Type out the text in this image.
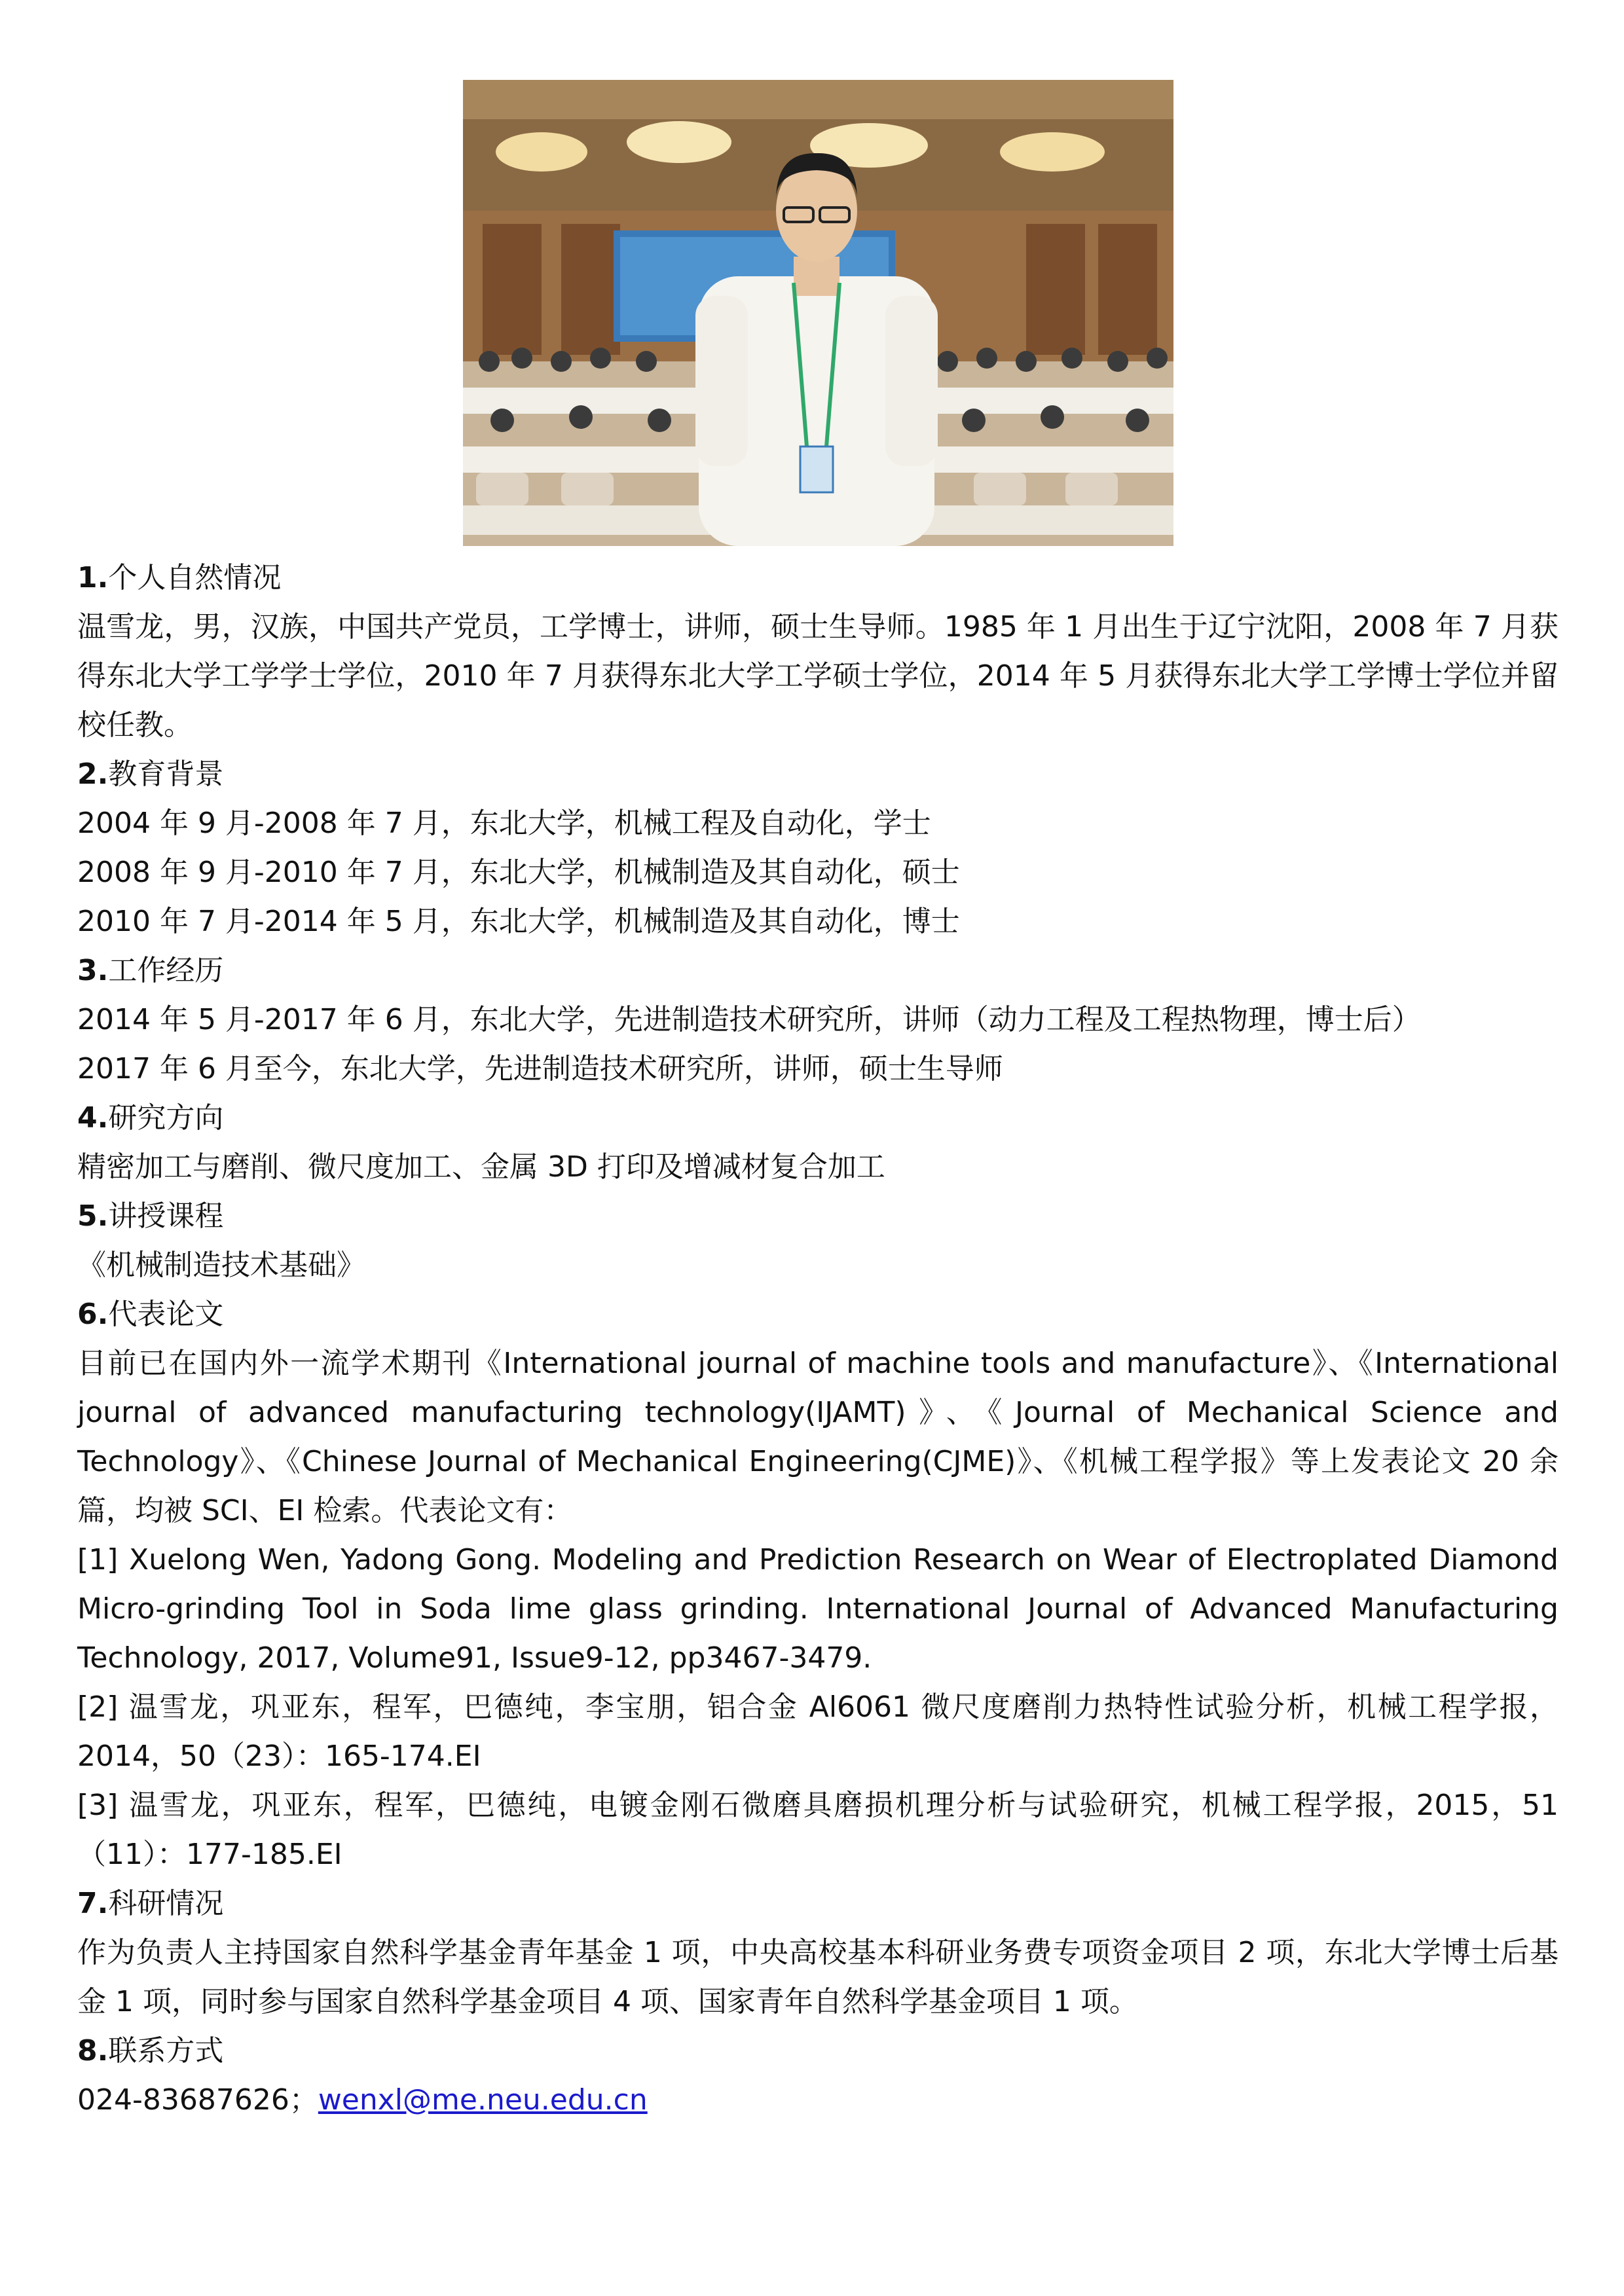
1.个人自然情况
温雪龙，男，汉族，中国共产党员，工学博士，讲师，硕士生导师。1985 年 1 月出生于辽宁沈阳，2008 年 7 月获得东北大学工学学士学位，2010 年 7 月获得东北大学工学硕士学位，2014 年 5 月获得东北大学工学博士学位并留校任教。
2.教育背景
2004 年 9 月-2008 年 7 月，东北大学，机械工程及自动化，学士
2008 年 9 月-2010 年 7 月，东北大学，机械制造及其自动化，硕士
2010 年 7 月-2014 年 5 月，东北大学，机械制造及其自动化，博士
3.工作经历
2014 年 5 月-2017 年 6 月，东北大学，先进制造技术研究所，讲师（动力工程及工程热物理，博士后）
2017 年 6 月至今，东北大学，先进制造技术研究所，讲师，硕士生导师
4.研究方向
精密加工与磨削、微尺度加工、金属 3D 打印及增减材复合加工
5.讲授课程
《机械制造技术基础》
6.代表论文
目前已在国内外一流学术期刊《International journal of machine tools and manufacture》、《International journal of advanced manufacturing technology(IJAMT)》、《Journal of Mechanical Science and Technology》、《Chinese Journal of Mechanical Engineering(CJME)》、《机械工程学报》等上发表论文 20 余篇，均被 SCI、EI 检索。代表论文有：
[1] Xuelong Wen, Yadong Gong. Modeling and Prediction Research on Wear of Electroplated Diamond Micro-grinding Tool in Soda lime glass grinding. International Journal of Advanced Manufacturing Technology, 2017, Volume91, Issue9-12, pp3467-3479.
[2] 温雪龙，巩亚东，程军，巴德纯，李宝朋，铝合金 Al6061 微尺度磨削力热特性试验分析，机械工程学报，2014，50（23）：165-174.EI
[3] 温雪龙，巩亚东，程军，巴德纯，电镀金刚石微磨具磨损机理分析与试验研究，机械工程学报，2015，51（11）：177-185.EI
7.科研情况
作为负责人主持国家自然科学基金青年基金 1 项，中央高校基本科研业务费专项资金项目 2 项，东北大学博士后基金 1 项，同时参与国家自然科学基金项目 4 项、国家青年自然科学基金项目 1 项。
8.联系方式
024-83687626；wenxl@me.neu.edu.cn
